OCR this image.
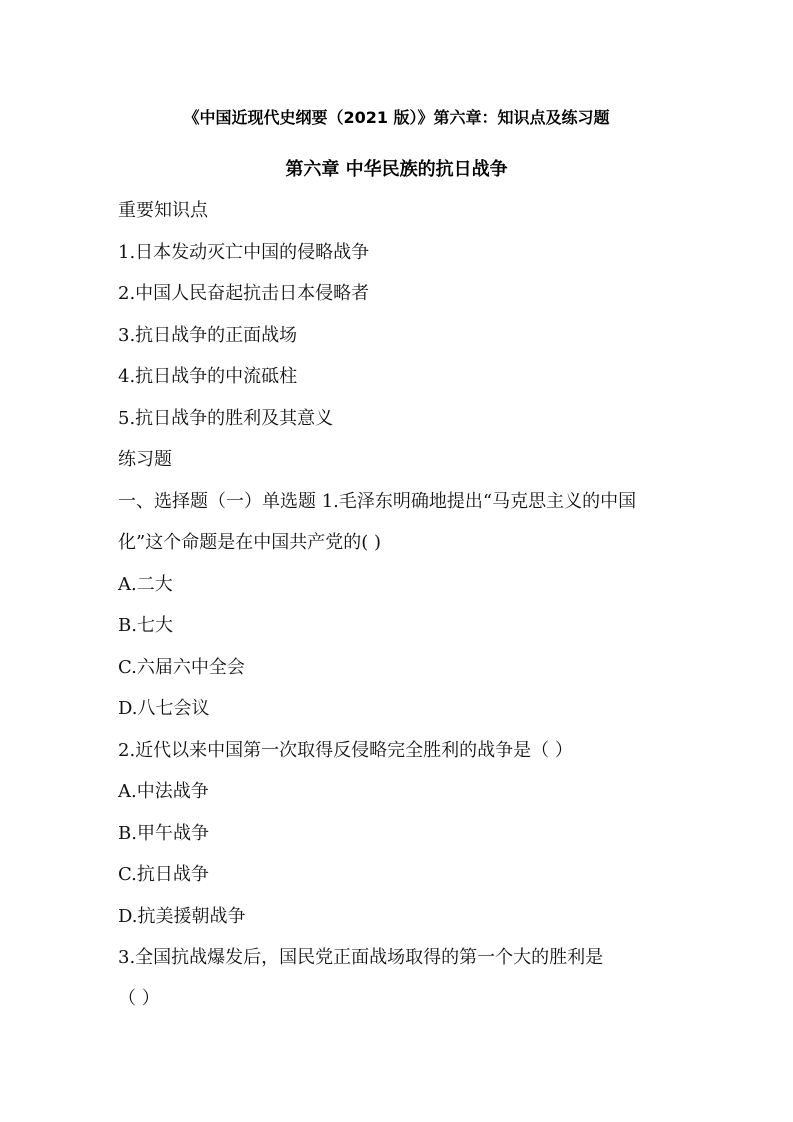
《中国近现代史纲要（2021 版）》第六章：知识点及练习题
第六章 中华民族的抗日战争
重要知识点
1.日本发动灭亡中国的侵略战争
2.中国人民奋起抗击日本侵略者
3.抗日战争的正面战场
4.抗日战争的中流砥柱
5.抗日战争的胜利及其意义
练习题
一、选择题（一）单选题 1.毛泽东明确地提出“马克思主义的中国
化”这个命题是在中国共产党的( )
A.二大
B.七大
C.六届六中全会
D.八七会议
2.近代以来中国第一次取得反侵略完全胜利的战争是（ ）
A.中法战争
B.甲午战争
C.抗日战争
D.抗美援朝战争
3.全国抗战爆发后，国民党正面战场取得的第一个大的胜利是
（ ）
